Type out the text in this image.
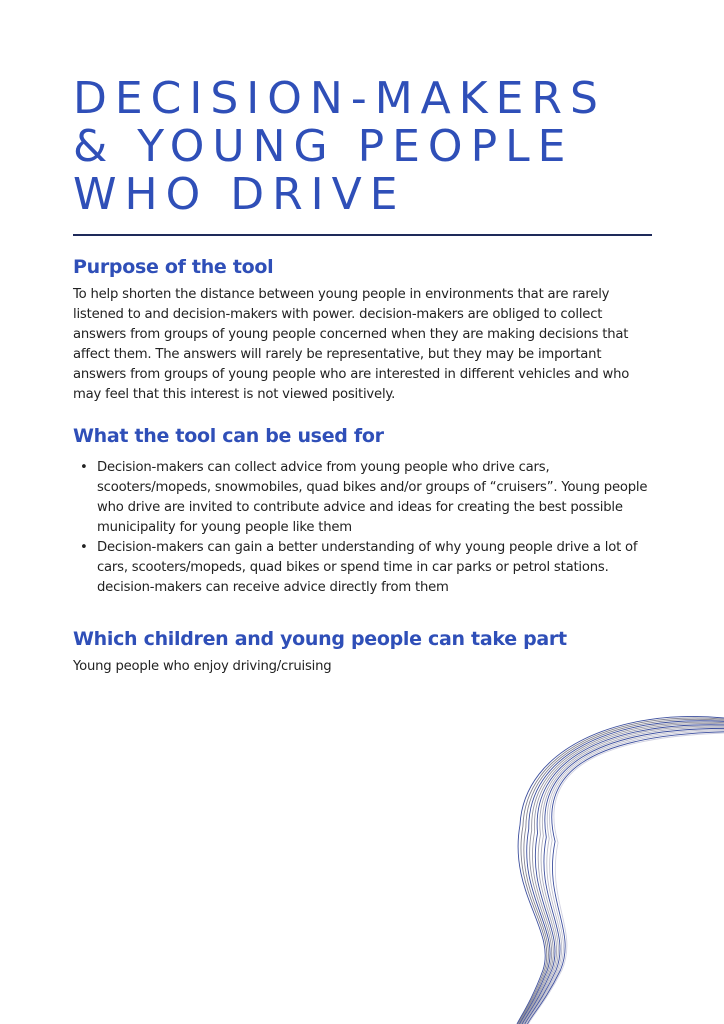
DECISION-MAKERS
& YOUNG PEOPLE
WHO DRIVE
Purpose of the tool

To help shorten the distance between young people in environments that are rarely listened to and decision-makers with power. decision-makers are obliged to collect answers from groups of young people concerned when they are making decisions that affect them. The answers will rarely be representative, but they may be important answers from groups of young people who are interested in different vehicles and who may feel that this interest is not viewed positively.

What the tool can be used for
• Decision-makers can collect advice from young people who drive cars, scooters/mopeds, snowmobiles, quad bikes and/or groups of “cruisers”. Young people who drive are invited to contribute advice and ideas for creating the best possible municipality for young people like them
• Decision-makers can gain a better understanding of why young people drive a lot of cars, scooters/mopeds, quad bikes or spend time in car parks or petrol stations. decision-makers can receive advice directly from them
Which children and young people can take part

Young people who enjoy driving/cruising
